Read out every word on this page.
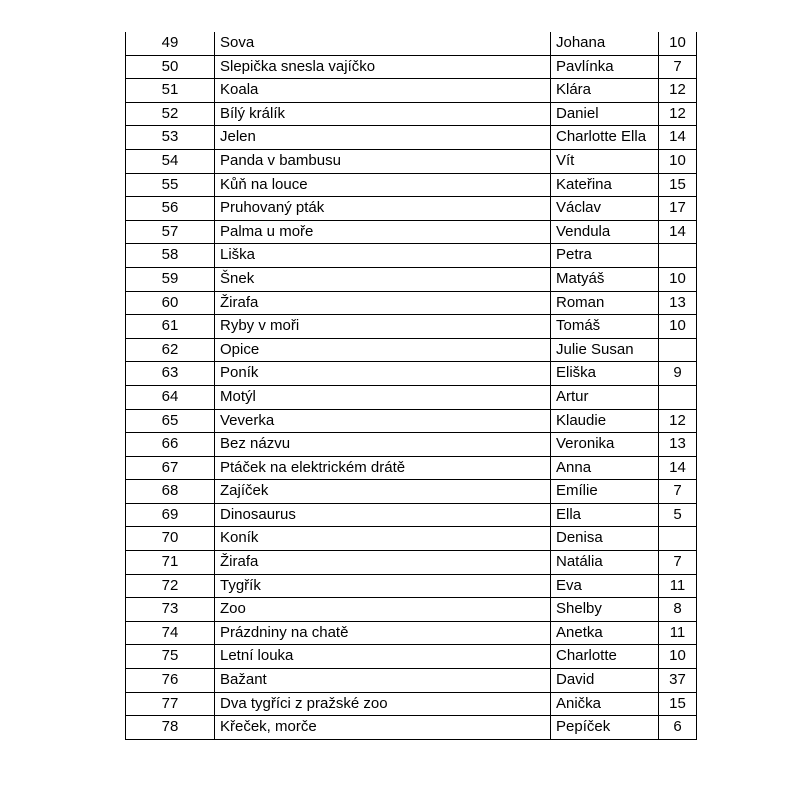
49	Sova	Johana	10
50	Slepička snesla vajíčko	Pavlínka	7
51	Koala	Klára	12
52	Bílý králík	Daniel	12
53	Jelen	Charlotte Ella	14
54	Panda v bambusu	Vít	10
55	Kůň na louce	Kateřina	15
56	Pruhovaný pták	Václav	17
57	Palma u moře	Vendula	14
58	Liška	Petra	
59	Šnek	Matyáš	10
60	Žirafa	Roman	13
61	Ryby v moři	Tomáš	10
62	Opice	Julie Susan	
63	Poník	Eliška	9
64	Motýl	Artur	
65	Veverka	Klaudie	12
66	Bez názvu	Veronika	13
67	Ptáček na elektrickém drátě	Anna	14
68	Zajíček	Emílie	7
69	Dinosaurus	Ella	5
70	Koník	Denisa	
71	Žirafa	Natália	7
72	Tygřík	Eva	11
73	Zoo	Shelby	8
74	Prázdniny na chatě	Anetka	11
75	Letní louka	Charlotte	10
76	Bažant	David	37
77	Dva tygříci z pražské zoo	Anička	15
78	Křeček, morče	Pepíček	6
